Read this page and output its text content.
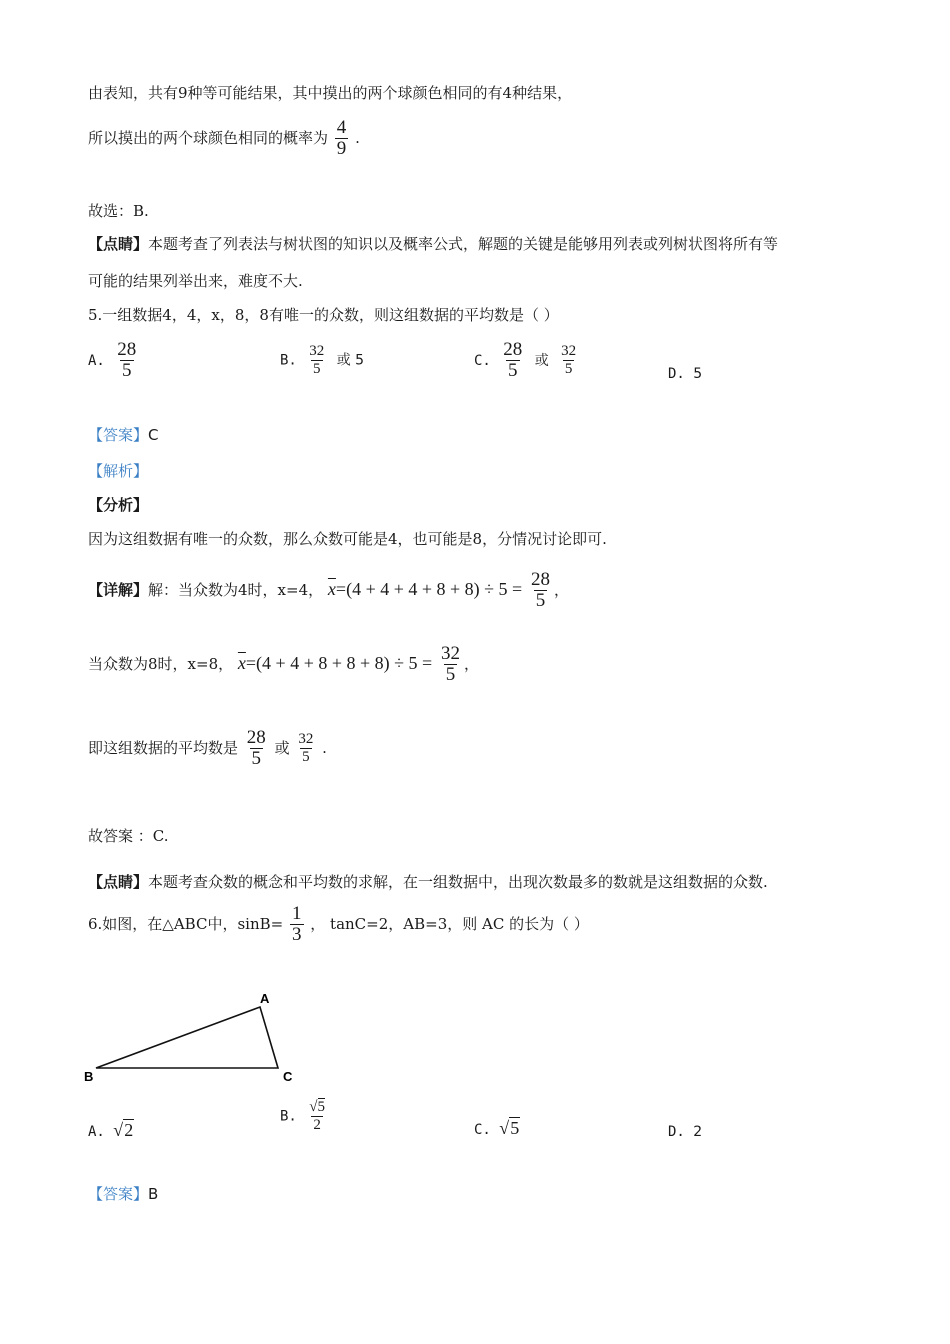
由表知，共有9种等可能结果，其中摸出的两个球颜色相同的有4种结果，
所以摸出的两个球颜色相同的概率为 $\frac{4}{9}$ .
故选：B.
【点睛】本题考查了列表法与树状图的知识以及概率公式，解题的关键是能够用列表或列树状图将所有等
可能的结果列举出来，难度不大.
5.一组数据4，4，x，8，8有唯一的众数，则这组数据的平均数是（ ）
A. $\frac{28}{5}$	B. $\frac{32}{5}$ 或 5	C. $\frac{28}{5}$ 或 $\frac{32}{5}$	D. 5
【答案】C
【解析】
【分析】
因为这组数据有唯一的众数，那么众数可能是4，也可能是8，分情况讨论即可.
【详解】解：当众数为4时，x=4， $\overline{x}=(4 + 4 + 4 + 8 + 8) \div 5 = \frac{28}{5}$ ，
当众数为8时，x=8， $\overline{x}=(4 + 4 + 8 + 8 + 8) \div 5 = \frac{32}{5}$ ，
即这组数据的平均数是 $\frac{28}{5}$ 或 $\frac{32}{5}$ .
故答案 ：C.
【点睛】本题考查众数的概念和平均数的求解，在一组数据中，出现次数最多的数就是这组数据的众数.
6.如图，在△ABC中，$\sin B= \frac{1}{3}$ ， tanC=2，AB=3，则 AC 的长为（ ）
A
B	C
A. √2
B. $\frac{√5}{2}$	C. √5	D. 2
【答案】B
